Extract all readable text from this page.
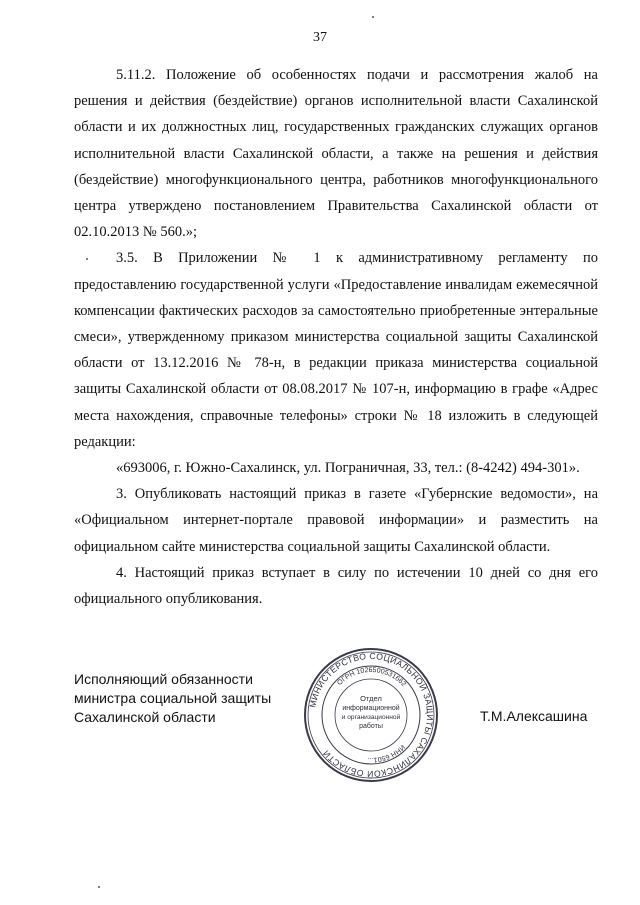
37

5.11.2. Положение об особенностях подачи и рассмотрения жалоб на решения и действия (бездействие) органов исполнительной власти Сахалинской области и их должностных лиц, государственных гражданских служащих органов исполнительной власти Сахалинской области, а также на решения и действия (бездействие) многофункционального центра, работников многофункционального центра утверждено постановлением Правительства Сахалинской области от 02.10.2013 № 560.»;

3.5. В Приложении № 1 к административному регламенту по предоставлению государственной услуги «Предоставление инвалидам ежемесячной компенсации фактических расходов за самостоятельно приобретенные энтеральные смеси», утвержденному приказом министерства социальной защиты Сахалинской области от 13.12.2016 № 78-н, в редакции приказа министерства социальной защиты Сахалинской области от 08.08.2017 № 107-н, информацию в графе «Адрес места нахождения, справочные телефоны» строки № 18 изложить в следующей редакции:

«693006, г. Южно-Сахалинск, ул. Пограничная, 33, тел.: (8-4242) 494-301».

3. Опубликовать настоящий приказ в газете «Губернские ведомости», на «Официальном интернет-портале правовой информации» и разместить на официальном сайте министерства социальной защиты Сахалинской области.

4. Настоящий приказ вступает в силу по истечении 10 дней со дня его официального опубликования.

Исполняющий обязанности
министра социальной защиты
Сахалинской области
МИНИСТЕРСТВО СОЦИАЛЬНОЙ ЗАЩИТЫ САХАЛИНСКОЙ ОБЛАСТИ
ОГРН 1026500531662
ИНН 6501...
Отдел
информационной
и организационной
работы
Т.М.Алексашина
